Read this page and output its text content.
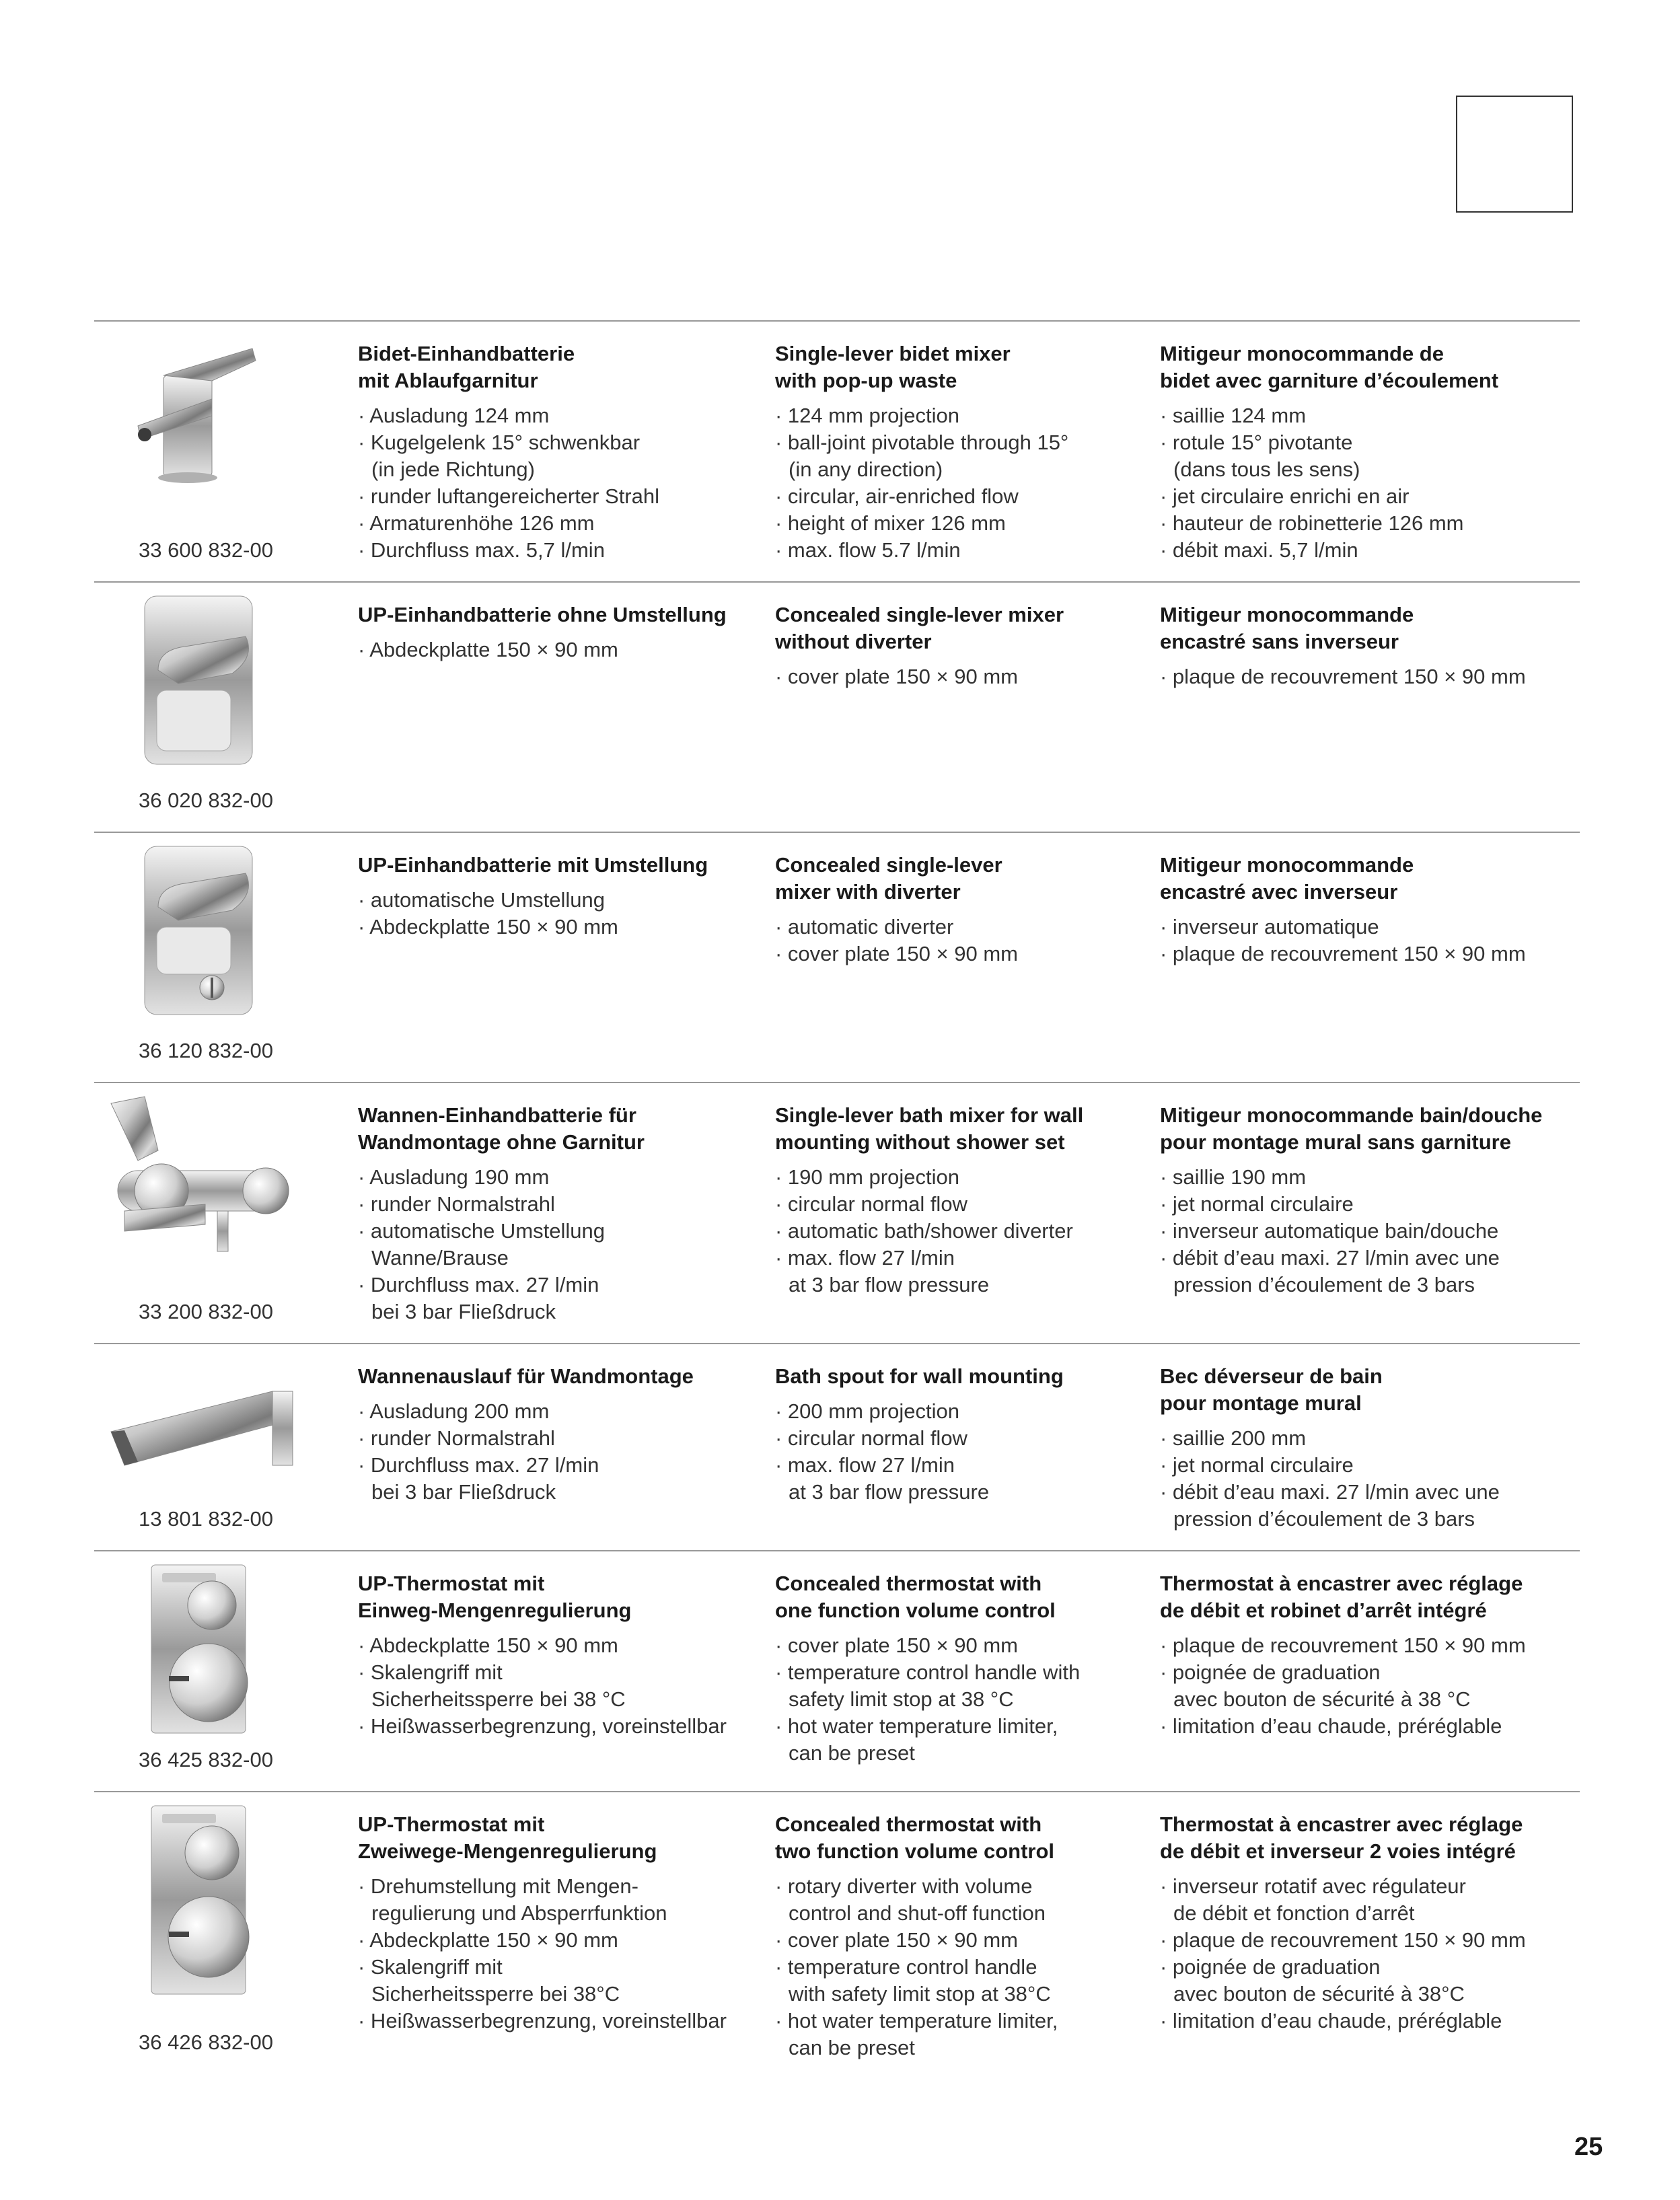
33 600 832-00
Bidet-Einhandbatterie
mit Ablaufgarnitur
· Ausladung 124 mm
· Kugelgelenk 15° schwenkbar
(in jede Richtung)
· runder luftangereicherter Strahl
· Armaturenhöhe 126 mm
· Durchfluss max. 5,7 l/min
Single-lever bidet mixer
with pop-up waste
· 124 mm projection
· ball-joint pivotable through 15°
(in any direction)
· circular, air-enriched flow
· height of mixer 126 mm
· max. flow 5.7 l/min
Mitigeur monocommande de
bidet avec garniture d’écoulement
· saillie 124 mm
· rotule 15° pivotante
(dans tous les sens)
· jet circulaire enrichi en air
· hauteur de robinetterie 126 mm
· débit maxi. 5,7 l/min
36 020 832-00
UP-Einhandbatterie ohne Umstellung
· Abdeckplatte 150 × 90 mm
Concealed single-lever mixer
without diverter
· cover plate 150 × 90 mm
Mitigeur monocommande
encastré sans inverseur
· plaque de recouvrement 150 × 90 mm
36 120 832-00
UP-Einhandbatterie mit Umstellung
· automatische Umstellung
· Abdeckplatte 150 × 90 mm
Concealed single-lever
mixer with diverter
· automatic diverter
· cover plate 150 × 90 mm
Mitigeur monocommande
encastré avec inverseur
· inverseur automatique
· plaque de recouvrement 150 × 90 mm
33 200 832-00
Wannen-Einhandbatterie für
Wandmontage ohne Garnitur
· Ausladung 190 mm
· runder Normalstrahl
· automatische Umstellung
Wanne/Brause
· Durchfluss max. 27 l/min
bei 3 bar Fließdruck
Single-lever bath mixer for wall
mounting without shower set
· 190 mm projection
· circular normal flow
· automatic bath/shower diverter
· max. flow 27 l/min
at 3 bar flow pressure
Mitigeur monocommande bain/douche
pour montage mural sans garniture
· saillie 190 mm
· jet normal circulaire
· inverseur automatique bain/douche
· débit d’eau maxi. 27 l/min avec une
pression d’écoulement de 3 bars
13 801 832-00
Wannenauslauf für Wandmontage
· Ausladung 200 mm
· runder Normalstrahl
· Durchfluss max. 27 l/min
bei 3 bar Fließdruck
Bath spout for wall mounting
· 200 mm projection
· circular normal flow
· max. flow 27 l/min
at 3 bar flow pressure
Bec déverseur de bain
pour montage mural
· saillie 200 mm
· jet normal circulaire
· débit d’eau maxi. 27 l/min avec une
pression d’écoulement de 3 bars
36 425 832-00
UP-Thermostat mit
Einweg-Mengenregulierung
· Abdeckplatte 150 × 90 mm
· Skalengriff mit
Sicherheitssperre bei 38 °C
· Heißwasserbegrenzung, voreinstellbar
Concealed thermostat with
one function volume control
· cover plate 150 × 90 mm
· temperature control handle with
safety limit stop at 38 °C
· hot water temperature limiter,
can be preset
Thermostat à encastrer avec réglage
de débit et robinet d’arrêt intégré
· plaque de recouvrement 150 × 90 mm
· poignée de graduation
avec bouton de sécurité à 38 °C
· limitation d’eau chaude, préréglable
36 426 832-00
UP-Thermostat mit
Zweiwege-Mengenregulierung
· Drehumstellung mit Mengen-
regulierung und Absperrfunktion
· Abdeckplatte 150 × 90 mm
· Skalengriff mit
Sicherheitssperre bei 38°C
· Heißwasserbegrenzung, voreinstellbar
Concealed thermostat with
two function volume control
· rotary diverter with volume
control and shut-off function
· cover plate 150 × 90 mm
· temperature control handle
with safety limit stop at 38°C
· hot water temperature limiter,
can be preset
Thermostat à encastrer avec réglage
de débit et inverseur 2 voies intégré
· inverseur rotatif avec régulateur
de débit et fonction d’arrêt
· plaque de recouvrement 150 × 90 mm
· poignée de graduation
avec bouton de sécurité à 38°C
· limitation d’eau chaude, préréglable
25
